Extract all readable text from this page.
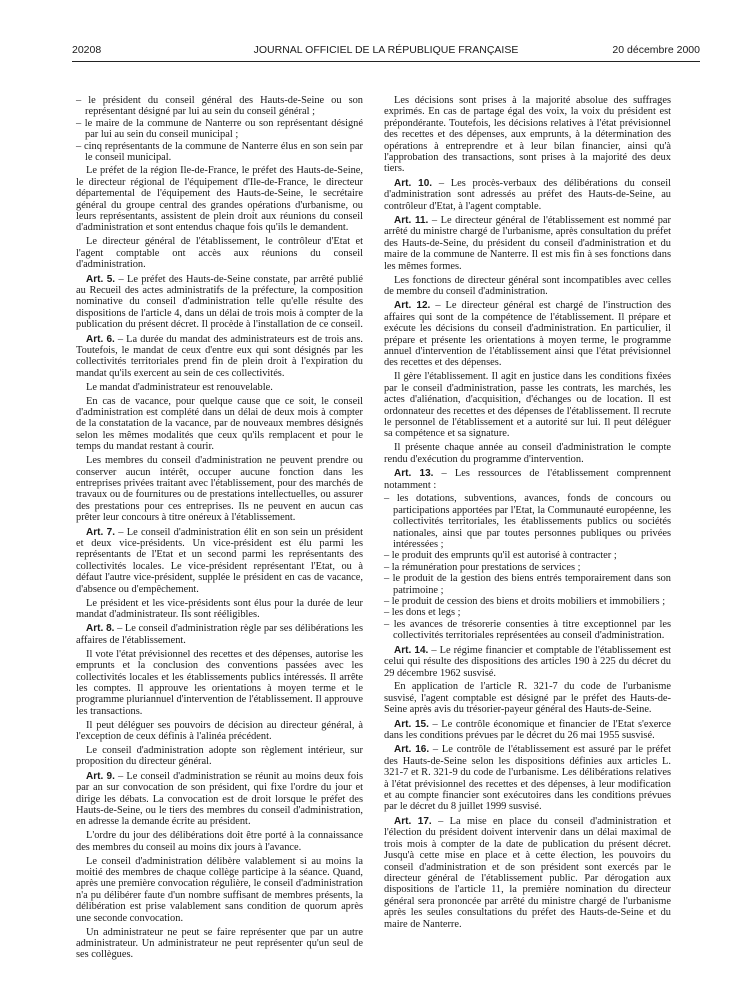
20208	JOURNAL OFFICIEL DE LA RÉPUBLIQUE FRANÇAISE	20 décembre 2000
– le président du conseil général des Hauts-de-Seine ou son représentant désigné par lui au sein du conseil général ;
– le maire de la commune de Nanterre ou son représentant désigné par lui au sein du conseil municipal ;
– cinq représentants de la commune de Nanterre élus en son sein par le conseil municipal.

Le préfet de la région Ile-de-France, le préfet des Hauts-de-Seine, le directeur régional de l'équipement d'Ile-de-France, le directeur départemental de l'équipement des Hauts-de-Seine, le secrétaire général du groupe central des grandes opérations d'urbanisme, ou leurs représentants, assistent de plein droit aux réunions du conseil d'administration et sont entendus chaque fois qu'ils le demandent.

Le directeur général de l'établissement, le contrôleur d'Etat et l'agent comptable ont accès aux réunions du conseil d'administration.

Art. 5. – Le préfet des Hauts-de-Seine constate, par arrêté publié au Recueil des actes administratifs de la préfecture, la composition nominative du conseil d'administration telle qu'elle résulte des dispositions de l'article 4, dans un délai de trois mois à compter de la publication du présent décret. Il procède à l'installation de ce conseil.

Art. 6. – La durée du mandat des administrateurs est de trois ans. Toutefois, le mandat de ceux d'entre eux qui sont désignés par les collectivités territoriales prend fin de plein droit à l'expiration du mandat qu'ils exercent au sein de ces collectivités.

Le mandat d'administrateur est renouvelable.

En cas de vacance, pour quelque cause que ce soit, le conseil d'administration est complété dans un délai de deux mois à compter de la constatation de la vacance, par de nouveaux membres désignés selon les mêmes modalités que ceux qu'ils remplacent et pour le temps du mandat restant à courir.

Les membres du conseil d'administration ne peuvent prendre ou conserver aucun intérêt, occuper aucune fonction dans les entreprises privées traitant avec l'établissement, pour des marchés de travaux ou de fournitures ou de prestations intellectuelles, ou assurer des prestations pour ces entreprises. Ils ne peuvent en aucun cas prêter leur concours à titre onéreux à l'établissement.

Art. 7. – Le conseil d'administration élit en son sein un président et deux vice-présidents. Un vice-président est élu parmi les représentants de l'Etat et un second parmi les représentants des collectivités locales. Le vice-président représentant l'Etat, ou à défaut l'autre vice-président, supplée le président en cas de vacance, d'absence ou d'empêchement.

Le président et les vice-présidents sont élus pour la durée de leur mandat d'administrateur. Ils sont rééligibles.

Art. 8. – Le conseil d'administration règle par ses délibérations les affaires de l'établissement.

Il vote l'état prévisionnel des recettes et des dépenses, autorise les emprunts et la conclusion des conventions passées avec les collectivités locales et les établissements publics intéressés. Il arrête les comptes. Il approuve les orientations à moyen terme et le programme pluriannuel d'intervention de l'établissement. Il approuve les transactions.

Il peut déléguer ses pouvoirs de décision au directeur général, à l'exception de ceux définis à l'alinéa précédent.

Le conseil d'administration adopte son règlement intérieur, sur proposition du directeur général.

Art. 9. – Le conseil d'administration se réunit au moins deux fois par an sur convocation de son président, qui fixe l'ordre du jour et dirige les débats. La convocation est de droit lorsque le préfet des Hauts-de-Seine, ou le tiers des membres du conseil d'administration, en adresse la demande écrite au président.

L'ordre du jour des délibérations doit être porté à la connaissance des membres du conseil au moins dix jours à l'avance.

Le conseil d'administration délibère valablement si au moins la moitié des membres de chaque collège participe à la séance. Quand, après une première convocation régulière, le conseil d'administration n'a pu délibérer faute d'un nombre suffisant de membres présents, la délibération est prise valablement sans condition de quorum après une seconde convocation.

Un administrateur ne peut se faire représenter que par un autre administrateur. Un administrateur ne peut représenter qu'un seul de ses collègues.

Les décisions sont prises à la majorité absolue des suffrages exprimés. En cas de partage égal des voix, la voix du président est prépondérante. Toutefois, les décisions relatives à l'état prévisionnel des recettes et des dépenses, aux emprunts, à la détermination des opérations à entreprendre et à leur bilan financier, ainsi qu'à l'approbation des transactions, sont prises à la majorité des deux tiers.

Art. 10. – Les procès-verbaux des délibérations du conseil d'administration sont adressés au préfet des Hauts-de-Seine, au contrôleur d'Etat, à l'agent comptable.

Art. 11. – Le directeur général de l'établissement est nommé par arrêté du ministre chargé de l'urbanisme, après consultation du préfet des Hauts-de-Seine, du président du conseil d'administration et du maire de la commune de Nanterre. Il est mis fin à ses fonctions dans les mêmes formes.

Les fonctions de directeur général sont incompatibles avec celles de membre du conseil d'administration.

Art. 12. – Le directeur général est chargé de l'instruction des affaires qui sont de la compétence de l'établissement. Il prépare et exécute les décisions du conseil d'administration. En particulier, il prépare et présente les orientations à moyen terme, le programme annuel d'intervention de l'établissement ainsi que l'état prévisionnel des recettes et des dépenses.

Il gère l'établissement. Il agit en justice dans les conditions fixées par le conseil d'administration, passe les contrats, les marchés, les actes d'aliénation, d'acquisition, d'échanges ou de location. Il est ordonnateur des recettes et des dépenses de l'établissement. Il recrute le personnel de l'établissement et a autorité sur lui. Il peut déléguer sa compétence et sa signature.

Il présente chaque année au conseil d'administration le compte rendu d'exécution du programme d'intervention.

Art. 13. – Les ressources de l'établissement comprennent notamment :

– les dotations, subventions, avances, fonds de concours ou participations apportées par l'Etat, la Communauté européenne, les collectivités territoriales, les établissements publics ou sociétés nationales, ainsi que par toutes personnes publiques ou privées intéressées ;
– le produit des emprunts qu'il est autorisé à contracter ;
– la rémunération pour prestations de services ;
– le produit de la gestion des biens entrés temporairement dans son patrimoine ;
– le produit de cession des biens et droits mobiliers et immobiliers ;
– les dons et legs ;
– les avances de trésorerie consenties à titre exceptionnel par les collectivités territoriales représentées au conseil d'administration.

Art. 14. – Le régime financier et comptable de l'établissement est celui qui résulte des dispositions des articles 190 à 225 du décret du 29 décembre 1962 susvisé.

En application de l'article R. 321-7 du code de l'urbanisme susvisé, l'agent comptable est désigné par le préfet des Hauts-de-Seine après avis du trésorier-payeur général des Hauts-de-Seine.

Art. 15. – Le contrôle économique et financier de l'Etat s'exerce dans les conditions prévues par le décret du 26 mai 1955 susvisé.

Art. 16. – Le contrôle de l'établissement est assuré par le préfet des Hauts-de-Seine selon les dispositions définies aux articles L. 321-7 et R. 321-9 du code de l'urbanisme. Les délibérations relatives à l'état prévisionnel des recettes et des dépenses, à leur modification et au compte financier sont exécutoires dans les conditions prévues par le décret du 8 juillet 1999 susvisé.

Art. 17. – La mise en place du conseil d'administration et l'élection du président doivent intervenir dans un délai maximal de trois mois à compter de la date de publication du présent décret. Jusqu'à cette mise en place et à cette élection, les pouvoirs du conseil d'administration et de son président sont exercés par le directeur général de l'établissement public. Par dérogation aux dispositions de l'article 11, la première nomination du directeur général sera prononcée par arrêté du ministre chargé de l'urbanisme après les seules consultations du préfet des Hauts-de-Seine et du maire de Nanterre.
